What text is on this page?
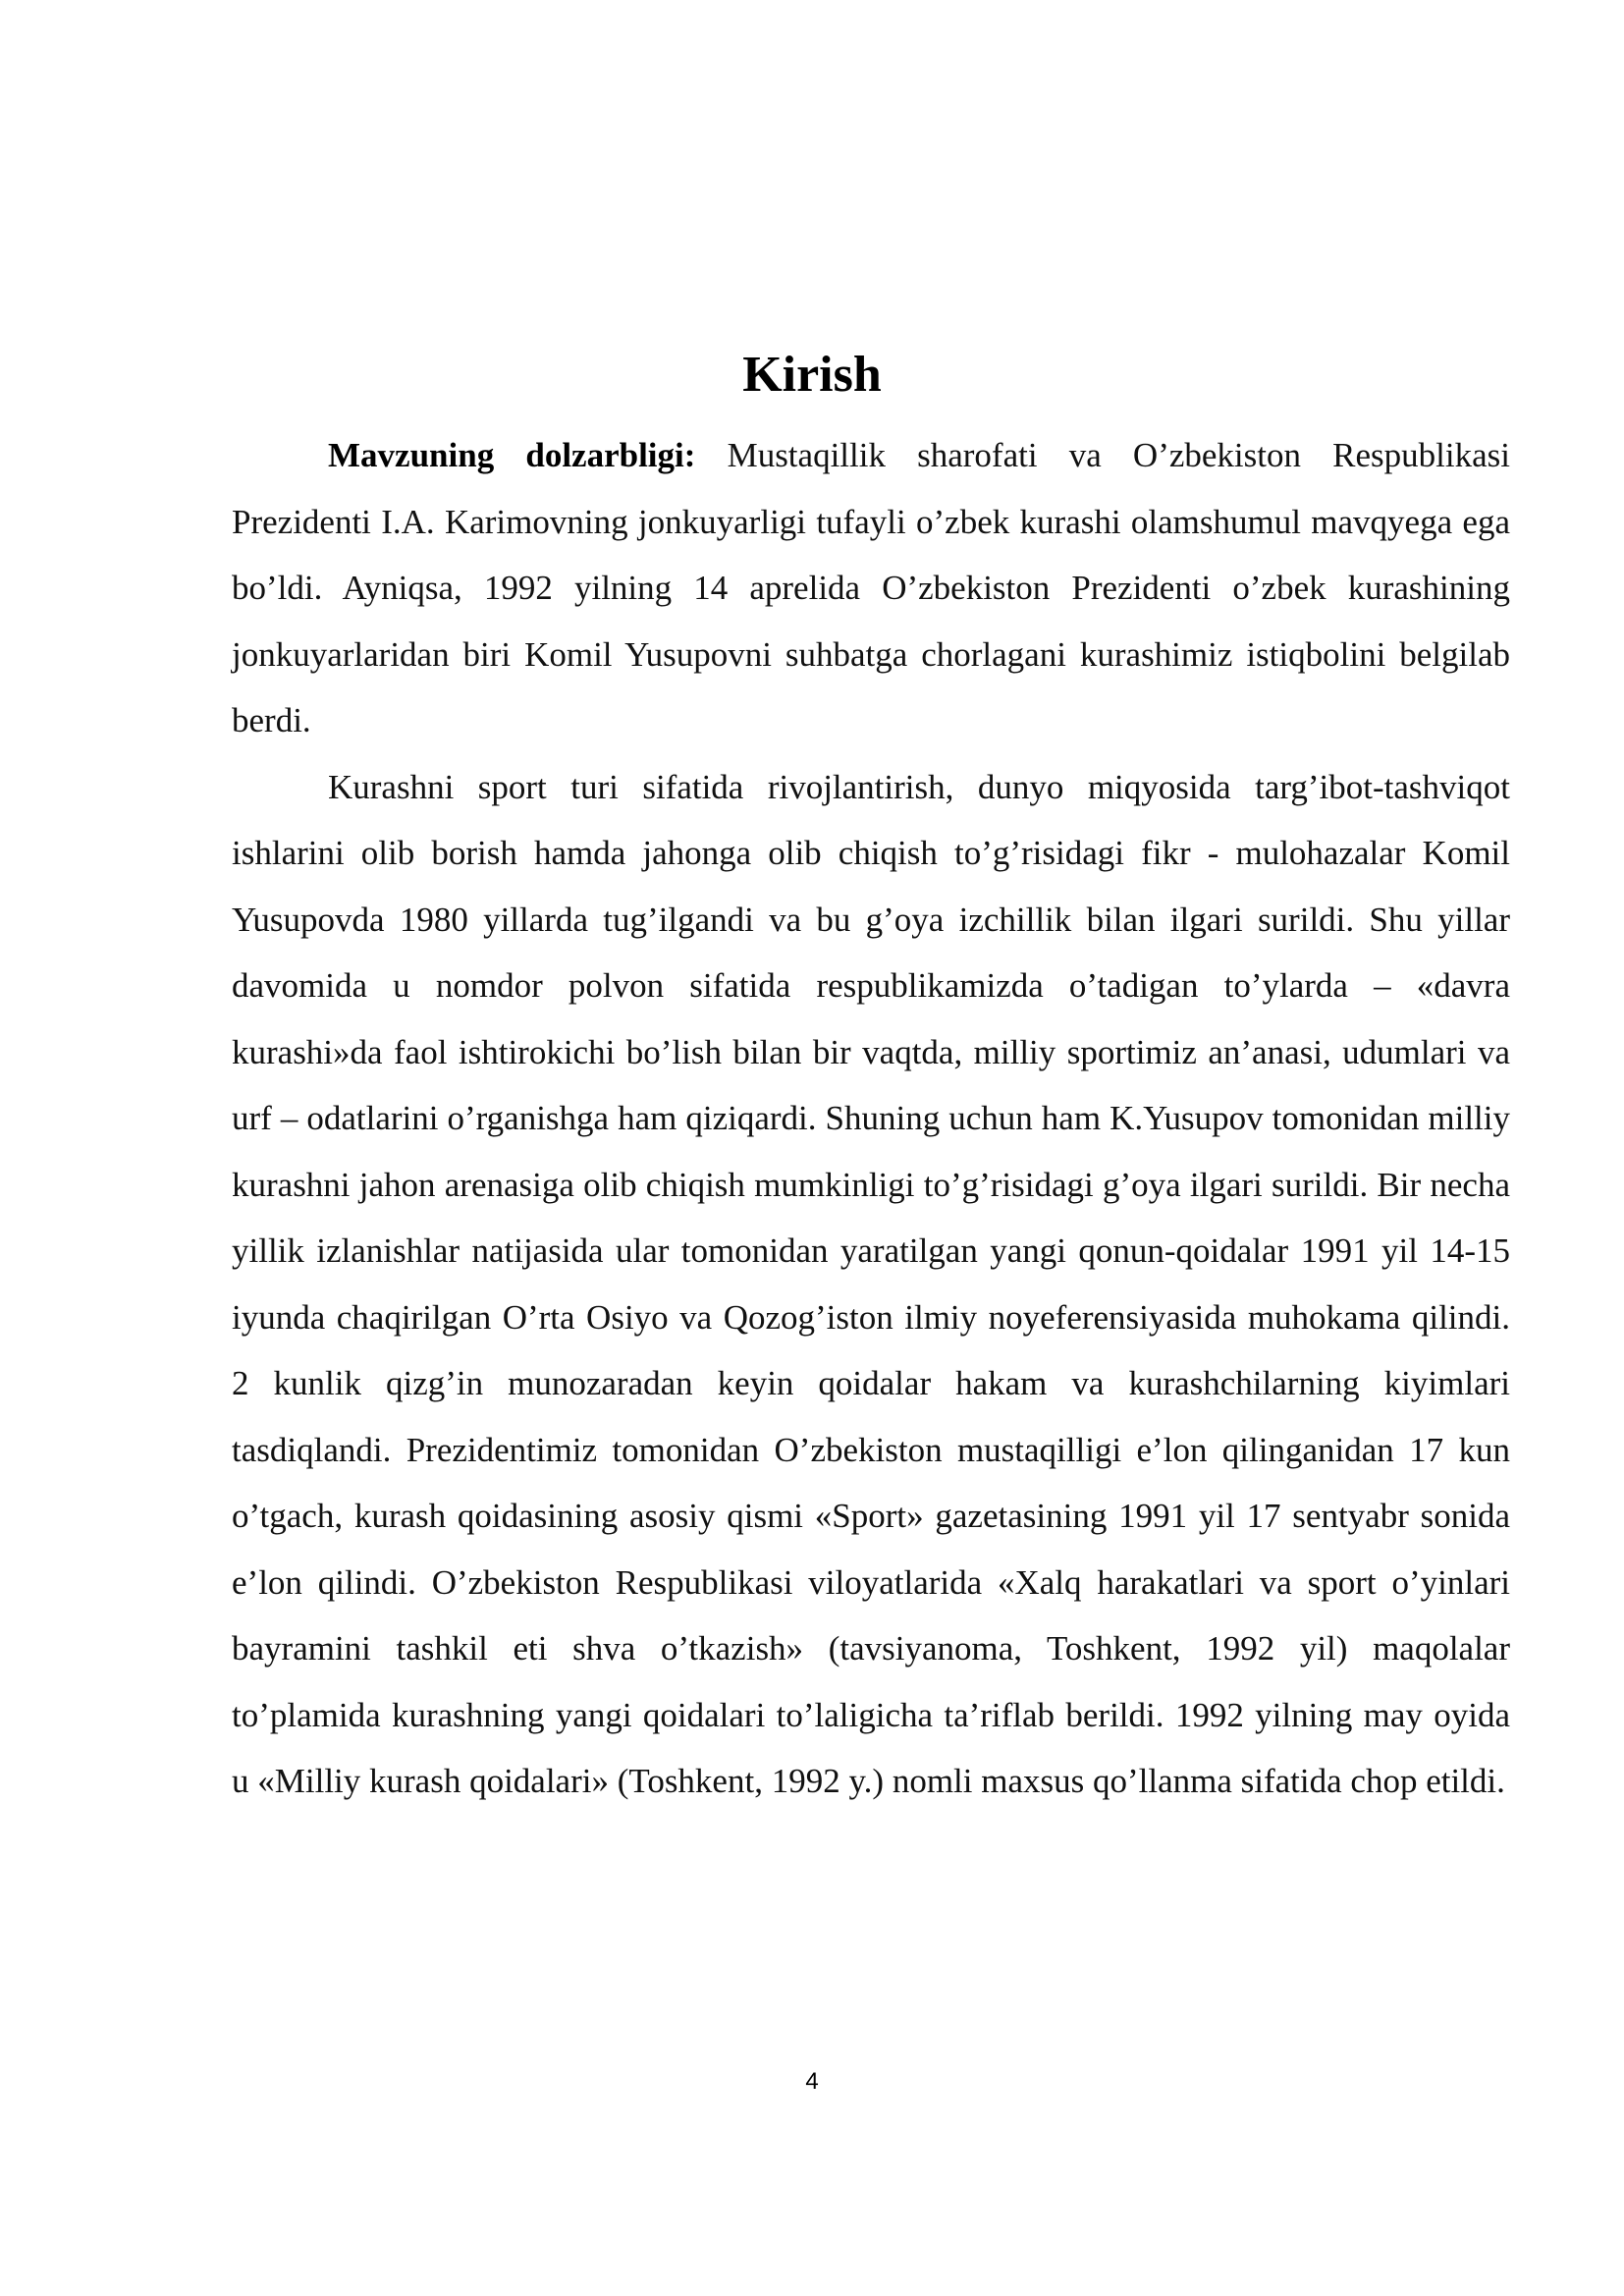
Kirish

Mavzuning dolzarbligi: Mustaqillik sharofati va O’zbekiston Respublikasi Prezidenti I.A. Karimovning jonkuyarligi tufayli o’zbek kurashi olamshumul mavqyega ega bo’ldi. Ayniqsa, 1992 yilning 14 aprelida O’zbekiston Prezidenti o’zbek kurashining jonkuyarlaridan biri Komil Yusupovni suhbatga chorlagani kurashimiz istiqbolini belgilab berdi.

Kurashni sport turi sifatida rivojlantirish, dunyo miqyosida targ’ibot-tashviqot ishlarini olib borish hamda jahonga olib chiqish to’g’risidagi fikr - mulohazalar Komil Yusupovda 1980 yillarda tug’ilgandi va bu g’oya izchillik bilan ilgari surildi. Shu yillar davomida u nomdor polvon sifatida respublikamizda o’tadigan to’ylarda – «davra kurashi»da faol ishtirokichi bo’lish bilan bir vaqtda, milliy sportimiz an’anasi, udumlari va urf – odatlarini o’rganishga ham qiziqardi. Shuning uchun ham K.Yusupov tomonidan milliy kurashni jahon arenasiga olib chiqish mumkinligi to’g’risidagi g’oya ilgari surildi. Bir necha yillik izlanishlar natijasida ular tomonidan yaratilgan yangi qonun-qoidalar 1991 yil 14-15 iyunda chaqirilgan O’rta Osiyo va Qozog’iston ilmiy noyeferensiyasida muhokama qilindi. 2 kunlik qizg’in munozaradan keyin qoidalar hakam va kurashchilarning kiyimlari tasdiqlandi. Prezidentimiz tomonidan O’zbekiston mustaqilligi e’lon qilinganidan 17 kun o’tgach, kurash qoidasining asosiy qismi «Sport» gazetasining 1991 yil 17 sentyabr sonida e’lon qilindi. O’zbekiston Respublikasi viloyatlarida «Xalq harakatlari va sport o’yinlari bayramini tashkil eti shva o’tkazish» (tavsiyanoma, Toshkent, 1992 yil) maqolalar to’plamida kurashning yangi qoidalari to’laligicha ta’riflab berildi. 1992 yilning may oyida u «Milliy kurash qoidalari» (Toshkent, 1992 y.) nomli maxsus qo’llanma sifatida chop etildi.

4
